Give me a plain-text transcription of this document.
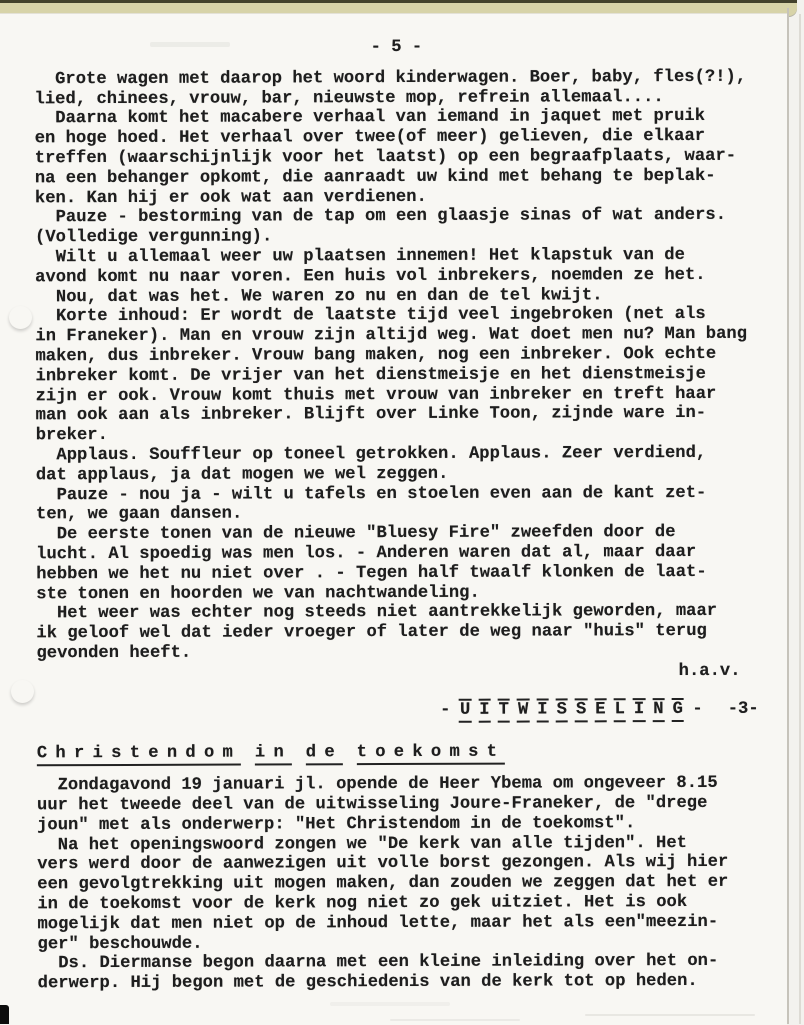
- 5 -
Grote wagen met daarop het woord kinderwagen. Boer, baby, fles(?!),
lied, chinees, vrouw, bar, nieuwste mop, refrein allemaal....
Daarna komt het macabere verhaal van iemand in jaquet met pruik
en hoge hoed. Het verhaal over twee(of meer) gelieven, die elkaar
treffen (waarschijnlijk voor het laatst) op een begraafplaats, waar-
na een behanger opkomt, die aanraadt uw kind met behang te beplak-
ken. Kan hij er ook wat aan verdienen.
Pauze - bestorming van de tap om een glaasje sinas of wat anders.
(Volledige vergunning).
Wilt u allemaal weer uw plaatsen innemen! Het klapstuk van de
avond komt nu naar voren. Een huis vol inbrekers, noemden ze het.
Nou, dat was het. We waren zo nu en dan de tel kwijt.
Korte inhoud: Er wordt de laatste tijd veel ingebroken (net als
in Franeker). Man en vrouw zijn altijd weg. Wat doet men nu? Man bang
maken, dus inbreker. Vrouw bang maken, nog een inbreker. Ook echte
inbreker komt. De vrijer van het dienstmeisje en het dienstmeisje
zijn er ook. Vrouw komt thuis met vrouw van inbreker en treft haar
man ook aan als inbreker. Blijft over Linke Toon, zijnde ware in-
breker.
Applaus. Souffleur op toneel getrokken. Applaus. Zeer verdiend,
dat applaus, ja dat mogen we wel zeggen.
Pauze - nou ja - wilt u tafels en stoelen even aan de kant zet-
ten, we gaan dansen.
De eerste tonen van de nieuwe "Bluesy Fire" zweefden door de
lucht. Al spoedig was men los. - Anderen waren dat al, maar daar
hebben we het nu niet over . - Tegen half twaalf klonken de laat-
ste tonen en hoorden we van nachtwandeling.
Het weer was echter nog steeds niet aantrekkelijk geworden, maar
ik geloof wel dat ieder vroeger of later de weg naar "huis" terug
gevonden heeft.
h.a.v.
- U I T W I S S E L I N G - -3-
Christendom in de toekomst
Zondagavond 19 januari jl. opende de Heer Ybema om ongeveer 8.15
uur het tweede deel van de uitwisseling Joure-Franeker, de "drege
joun" met als onderwerp: "Het Christendom in de toekomst".
Na het openingswoord zongen we "De kerk van alle tijden". Het
vers werd door de aanwezigen uit volle borst gezongen. Als wij hier
een gevolgtrekking uit mogen maken, dan zouden we zeggen dat het er
in de toekomst voor de kerk nog niet zo gek uitziet. Het is ook
mogelijk dat men niet op de inhoud lette, maar het als een"meezin-
ger" beschouwde.
Ds. Diermanse begon daarna met een kleine inleiding over het on-
derwerp. Hij begon met de geschiedenis van de kerk tot op heden.
